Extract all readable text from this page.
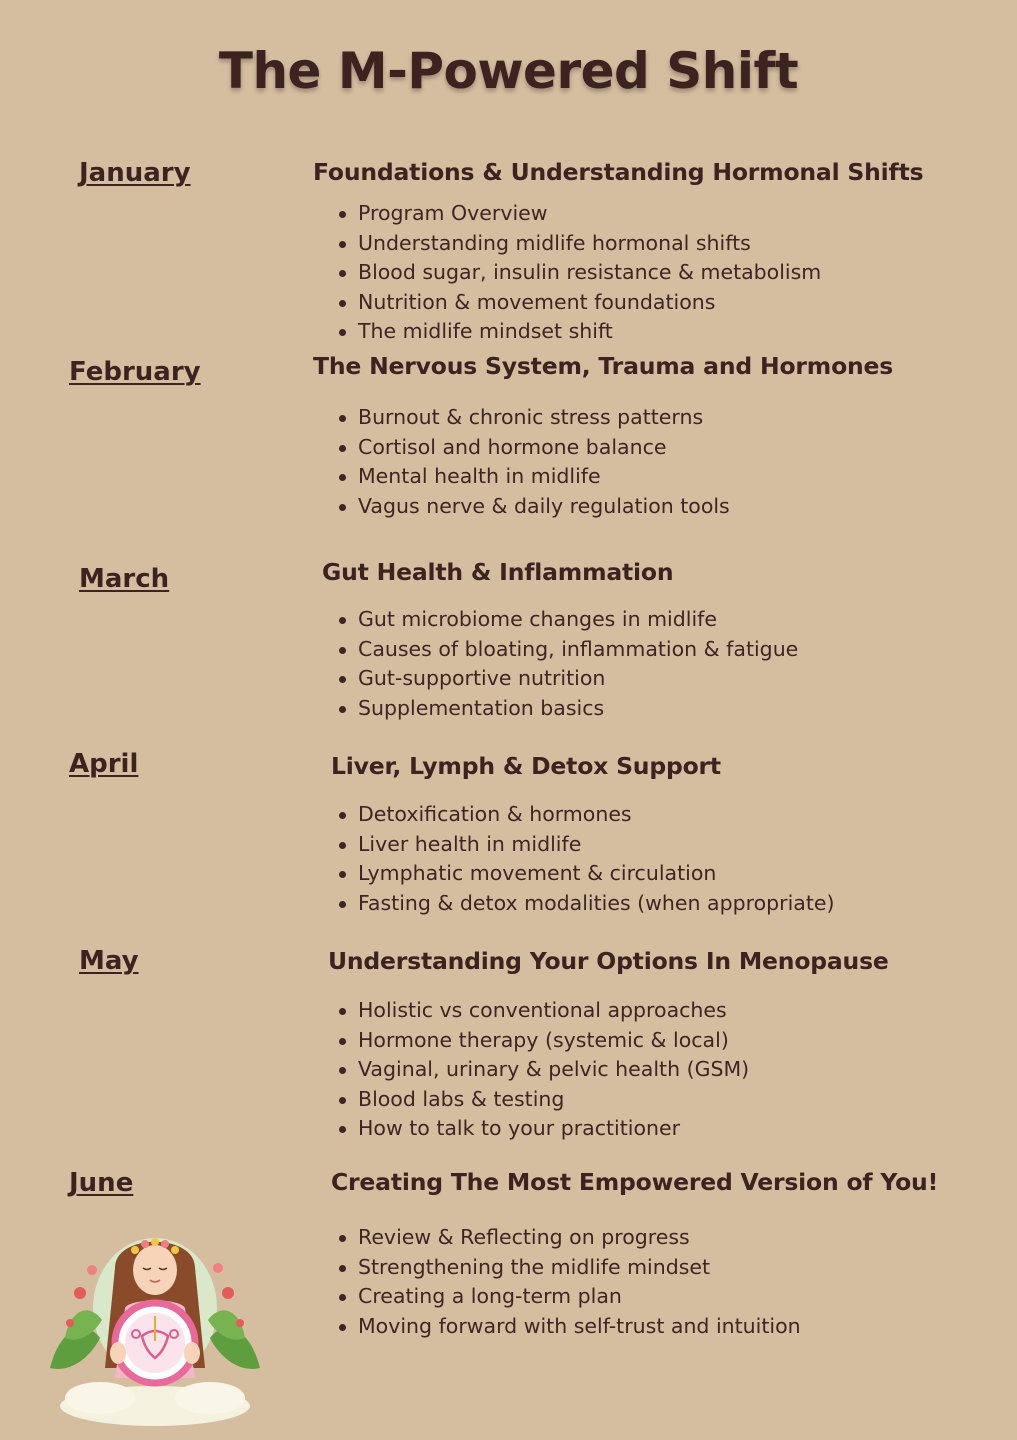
The M-Powered Shift
January	Foundations & Understanding Hormonal Shifts
Program Overview
Understanding midlife hormonal shifts
Blood sugar, insulin resistance & metabolism
Nutrition & movement foundations
The midlife mindset shift
February	The Nervous System, Trauma and Hormones
Burnout & chronic stress patterns
Cortisol and hormone balance
Mental health in midlife
Vagus nerve & daily regulation tools
March	Gut Health & Inflammation
Gut microbiome changes in midlife
Causes of bloating, inflammation & fatigue
Gut-supportive nutrition
Supplementation basics
April	Liver, Lymph & Detox Support
Detoxification & hormones
Liver health in midlife
Lymphatic movement & circulation
Fasting & detox modalities (when appropriate)
May	Understanding Your Options In Menopause
Holistic vs conventional approaches
Hormone therapy (systemic & local)
Vaginal, urinary & pelvic health (GSM)
Blood labs & testing
How to talk to your practitioner
June	Creating The Most Empowered Version of You!
Review & Reflecting on progress
Strengthening the midlife mindset
Creating a long-term plan
Moving forward with self-trust and intuition
